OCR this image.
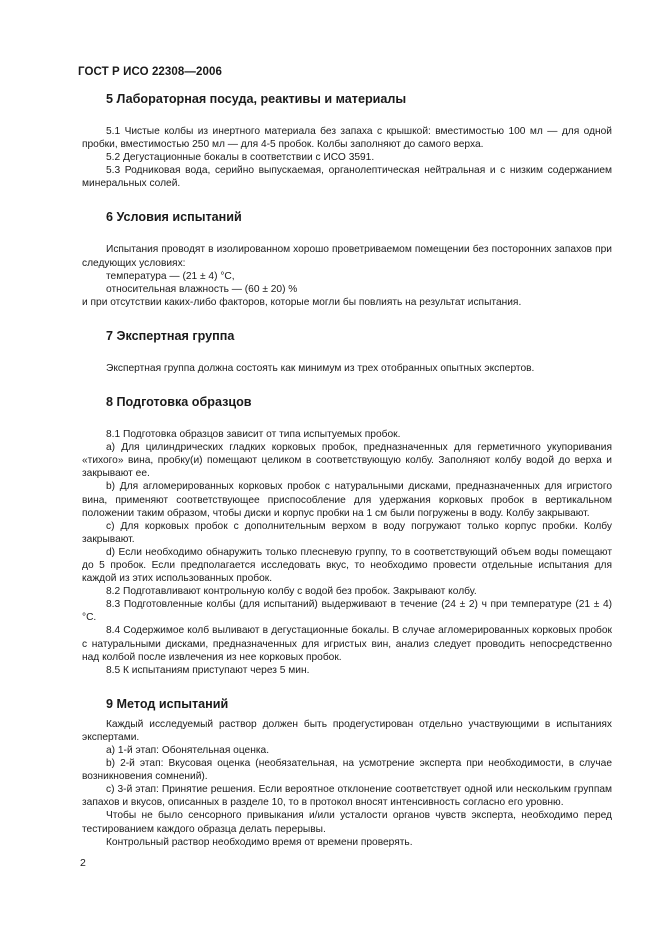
ГОСТ Р ИСО 22308—2006
5 Лабораторная посуда, реактивы и материалы

5.1 Чистые колбы из инертного материала без запаха с крышкой: вместимостью 100 мл — для одной пробки, вместимостью 250 мл — для 4-5 пробок. Колбы заполняют до самого верха.

5.2 Дегустационные бокалы в соответствии с ИСО 3591.

5.3 Родниковая вода, серийно выпускаемая, органолептическая нейтральная и с низким содержанием минеральных солей.

6 Условия испытаний

Испытания проводят в изолированном хорошо проветриваемом помещении без посторонних запахов при следующих условиях:

температура — (21 ± 4) °С,

относительная влажность — (60 ± 20) %

и при отсутствии каких-либо факторов, которые могли бы повлиять на результат испытания.

7 Экспертная группа

Экспертная группа должна состоять как минимум из трех отобранных опытных экспертов.

8 Подготовка образцов

8.1 Подготовка образцов зависит от типа испытуемых пробок.

а) Для цилиндрических гладких корковых пробок, предназначенных для герметичного укупоривания «тихого» вина, пробку(и) помещают целиком в соответствующую колбу. Заполняют колбу водой до верха и закрывают ее.

b) Для агломерированных корковых пробок с натуральными дисками, предназначенных для игристого вина, применяют соответствующее приспособление для удержания корковых пробок в вертикальном положении таким образом, чтобы диски и корпус пробки на 1 см были погружены в воду. Колбу закрывают.

с) Для корковых пробок с дополнительным верхом в воду погружают только корпус пробки. Колбу закрывают.

d) Если необходимо обнаружить только плесневую группу, то в соответствующий объем воды помещают до 5 пробок. Если предполагается исследовать вкус, то необходимо провести отдельные испытания для каждой из этих использованных пробок.

8.2 Подготавливают контрольную колбу с водой без пробок. Закрывают колбу.

8.3 Подготовленные колбы (для испытаний) выдерживают в течение (24 ± 2) ч при температуре (21 ± 4) °С.

8.4 Содержимое колб выливают в дегустационные бокалы. В случае агломерированных корковых пробок с натуральными дисками, предназначенных для игристых вин, анализ следует проводить непосредственно над колбой после извлечения из нее корковых пробок.

8.5 К испытаниям приступают через 5 мин.

9 Метод испытаний

Каждый исследуемый раствор должен быть продегустирован отдельно участвующими в испытаниях экспертами.

а) 1-й этап: Обонятельная оценка.

b) 2-й этап: Вкусовая оценка (необязательная, на усмотрение эксперта при необходимости, в случае возникновения сомнений).

с) 3-й этап: Принятие решения. Если вероятное отклонение соответствует одной или нескольким группам запахов и вкусов, описанных в разделе 10, то в протокол вносят интенсивность согласно его уровню.

Чтобы не было сенсорного привыкания и/или усталости органов чувств эксперта, необходимо перед тестированием каждого образца делать перерывы.

Контрольный раствор необходимо время от времени проверять.

2
